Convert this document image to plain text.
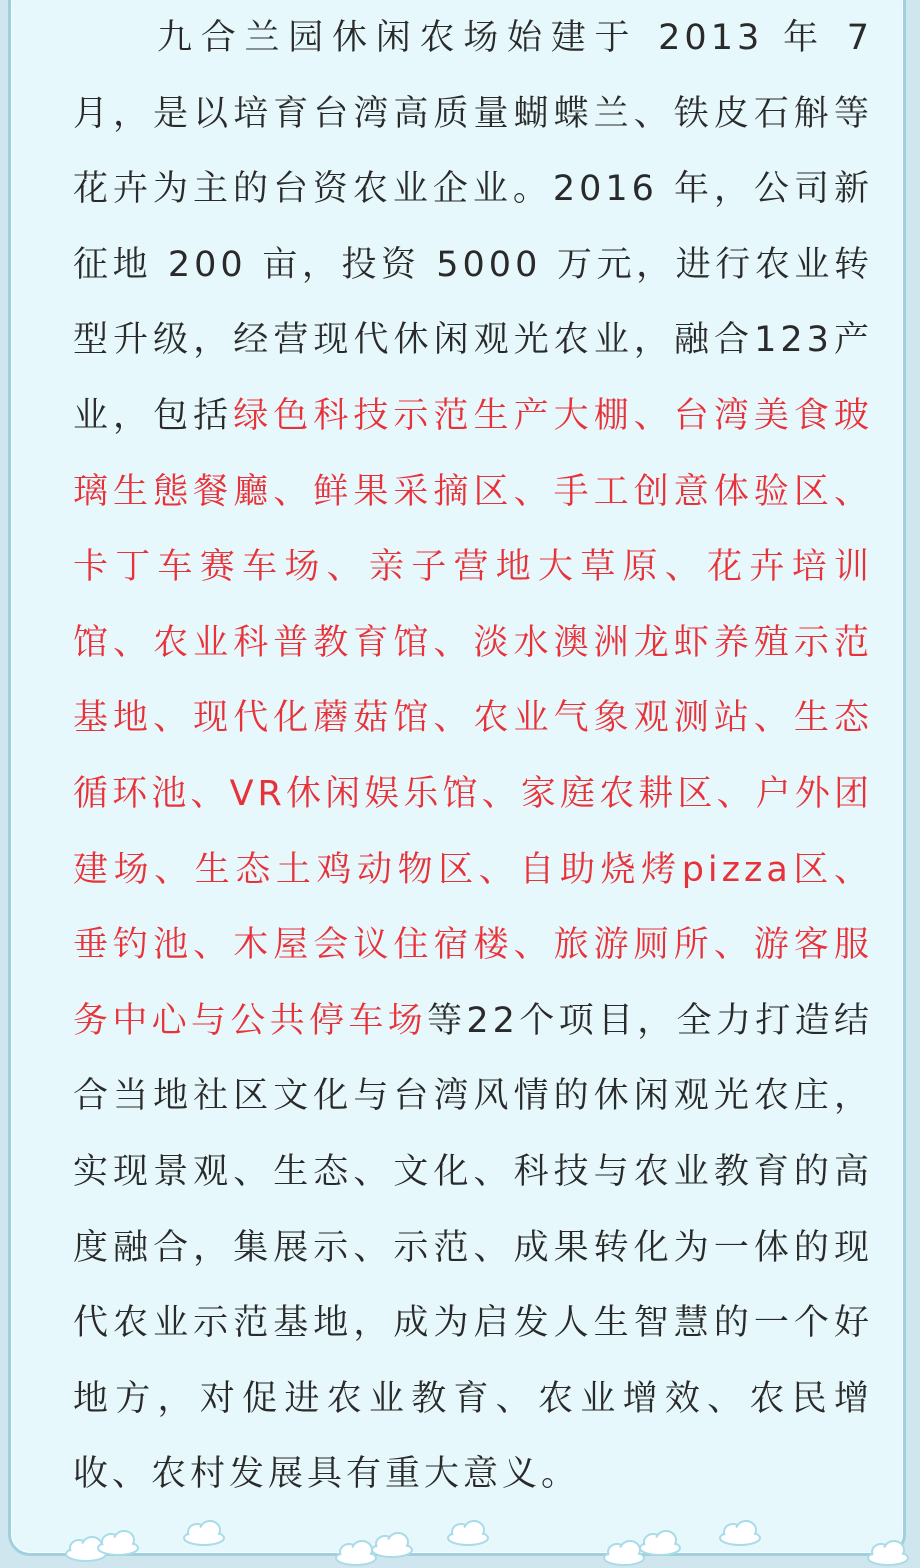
九合兰园休闲农场始建于 2013 年 7 月，是以培育台湾高质量蝴蝶兰、铁皮石斛等花卉为主的台资农业企业。2016 年，公司新征地 200 亩，投资 5000 万元，进行农业转型升级，经营现代休闲观光农业，融合123产业，包括绿色科技示范生产大棚、台湾美食玻璃生態餐廳、鲜果采摘区、手工创意体验区、卡丁车赛车场、亲子营地大草原、花卉培训馆、农业科普教育馆、淡水澳洲龙虾养殖示范基地、现代化蘑菇馆、农业气象观测站、生态循环池、VR休闲娱乐馆、家庭农耕区、户外团建场、生态土鸡动物区、自助烧烤pizza区、垂钓池、木屋会议住宿楼、旅游厕所、游客服务中心与公共停车场等22个项目，全力打造结合当地社区文化与台湾风情的休闲观光农庄，实现景观、生态、文化、科技与农业教育的高度融合，集展示、示范、成果转化为一体的现代农业示范基地，成为启发人生智慧的一个好地方，对促进农业教育、农业增效、农民增收、农村发展具有重大意义。
